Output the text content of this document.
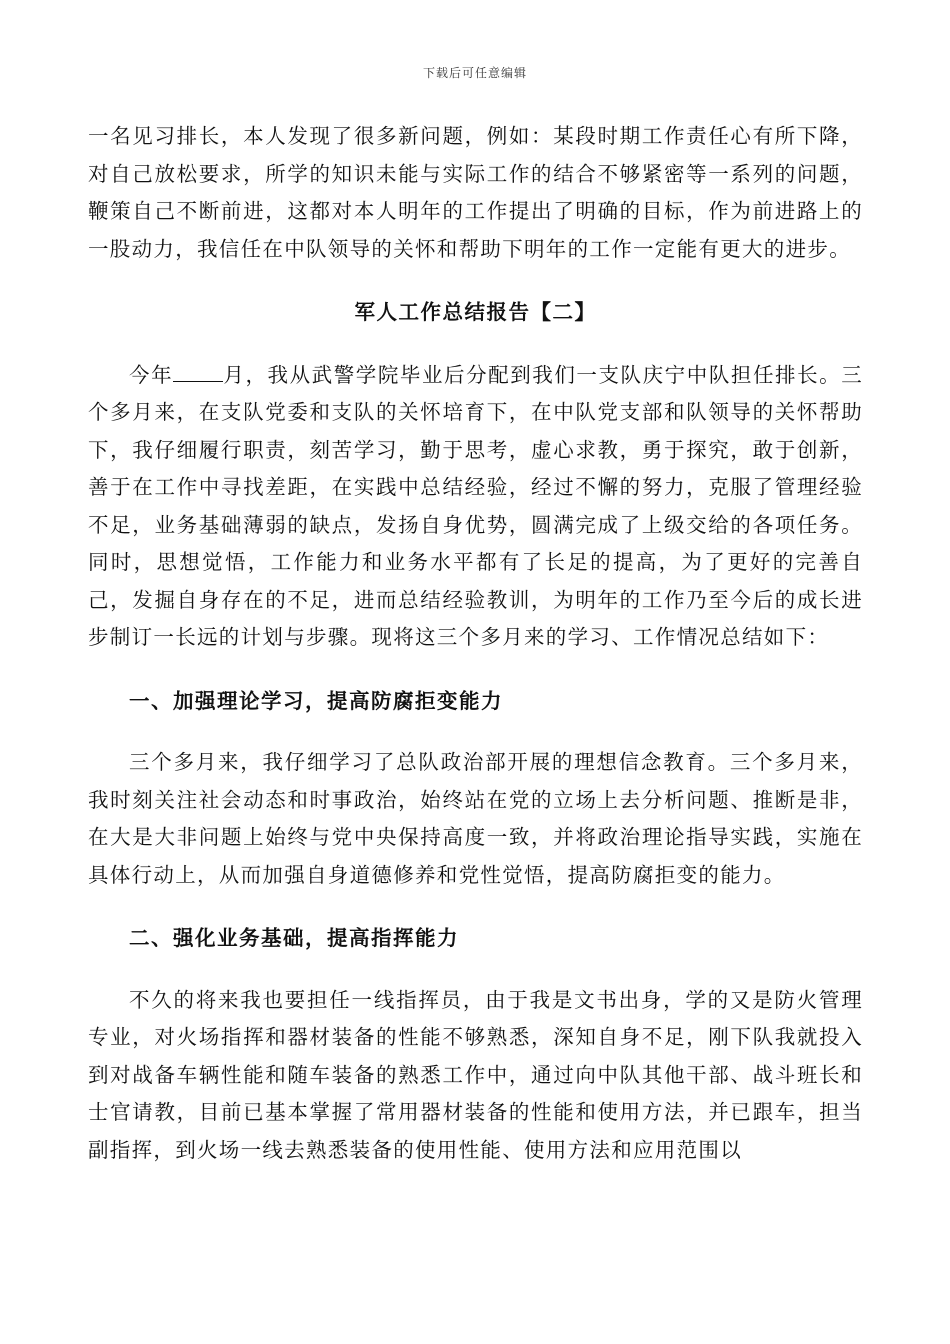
下载后可任意编辑

一名见习排长，本人发现了很多新问题，例如：某段时期工作责任心有所下降，对自己放松要求，所学的知识未能与实际工作的结合不够紧密等一系列的问题，鞭策自己不断前进，这都对本人明年的工作提出了明确的目标，作为前进路上的一股动力，我信任在中队领导的关怀和帮助下明年的工作一定能有更大的进步。

军人工作总结报告【二】

今年 月，我从武警学院毕业后分配到我们一支队庆宁中队担任排长。三个多月来，在支队党委和支队的关怀培育下，在中队党支部和队领导的关怀帮助下，我仔细履行职责，刻苦学习，勤于思考，虚心求教，勇于探究，敢于创新，善于在工作中寻找差距，在实践中总结经验，经过不懈的努力，克服了管理经验不足，业务基础薄弱的缺点，发扬自身优势，圆满完成了上级交给的各项任务。同时，思想觉悟，工作能力和业务水平都有了长足的提高，为了更好的完善自己，发掘自身存在的不足，进而总结经验教训，为明年的工作乃至今后的成长进步制订一长远的计划与步骤。现将这三个多月来的学习、工作情况总结如下：

一、加强理论学习，提高防腐拒变能力

三个多月来，我仔细学习了总队政治部开展的理想信念教育。三个多月来，我时刻关注社会动态和时事政治，始终站在党的立场上去分析问题、推断是非，在大是大非问题上始终与党中央保持高度一致，并将政治理论指导实践，实施在具体行动上，从而加强自身道德修养和党性觉悟，提高防腐拒变的能力。

二、强化业务基础，提高指挥能力

不久的将来我也要担任一线指挥员，由于我是文书出身，学的又是防火管理专业，对火场指挥和器材装备的性能不够熟悉，深知自身不足，刚下队我就投入到对战备车辆性能和随车装备的熟悉工作中，通过向中队其他干部、战斗班长和士官请教，目前已基本掌握了常用器材装备的性能和使用方法，并已跟车，担当副指挥，到火场一线去熟悉装备的使用性能、使用方法和应用范围以
